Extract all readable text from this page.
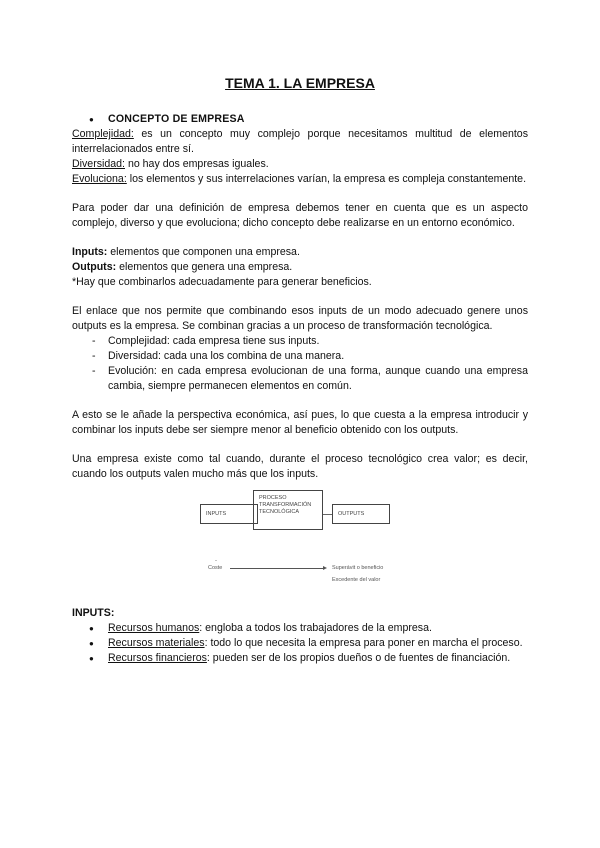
TEMA 1. LA EMPRESA
● CONCEPTO DE EMPRESA

Complejidad: es un concepto muy complejo porque necesitamos multitud de elementos interrelacionados entre sí.

Diversidad: no hay dos empresas iguales.

Evoluciona: los elementos y sus interrelaciones varían, la empresa es compleja constantemente.

Para poder dar una definición de empresa debemos tener en cuenta que es un aspecto complejo, diverso y que evoluciona; dicho concepto debe realizarse en un entorno económico.

Inputs: elementos que componen una empresa.

Outputs: elementos que genera una empresa.

*Hay que combinarlos adecuadamente para generar beneficios.

El enlace que nos permite que combinando esos inputs de un modo adecuado genere unos outputs es la empresa. Se combinan gracias a un proceso de transformación tecnológica.

- Complejidad: cada empresa tiene sus inputs.
- Diversidad: cada una los combina de una manera.
- Evolución: en cada empresa evolucionan de una forma, aunque cuando una empresa cambia, siempre permanecen elementos en común.

A esto se le añade la perspectiva económica, así pues, lo que cuesta a la empresa introducir y combinar los inputs debe ser siempre menor al beneficio obtenido con los outputs.

Una empresa existe como tal cuando, durante el proceso tecnológico crea valor; es decir, cuando los outputs valen mucho más que los inputs.

INPUTS
PROCESO
TRANSFORMACIÓN
TECNOLÓGICA	OUTPUTS
-
Coste	Superávit o beneficio
Excedente del valor

INPUTS:

● Recursos humanos: engloba a todos los trabajadores de la empresa.
● Recursos materiales: todo lo que necesita la empresa para poner en marcha el proceso.
● Recursos financieros: pueden ser de los propios dueños o de fuentes de financiación.
